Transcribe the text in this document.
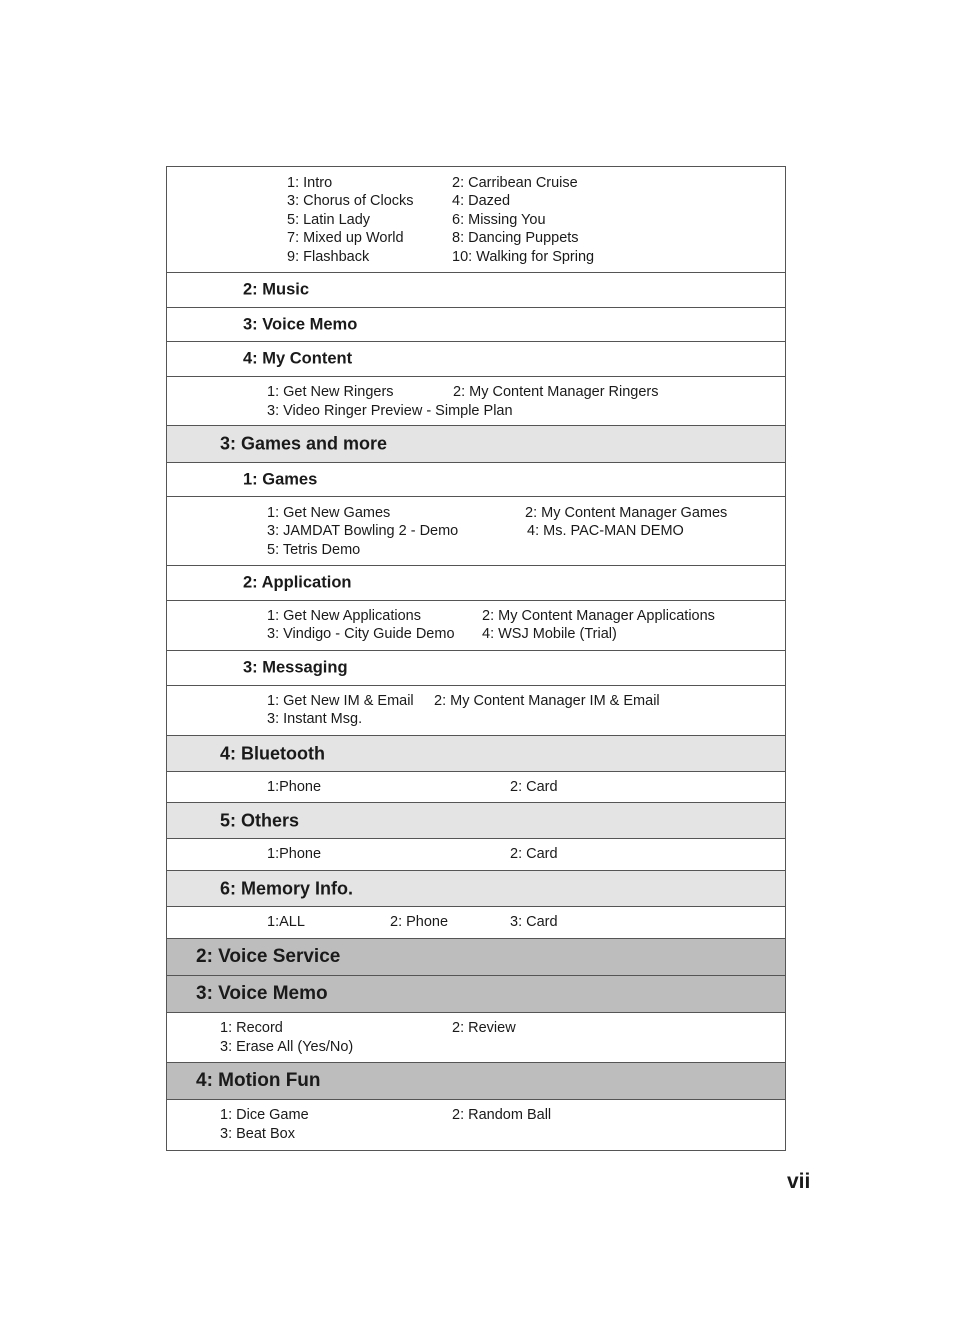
1: Intro	2: Carribean Cruise
3: Chorus of Clocks	4: Dazed
5: Latin Lady	6: Missing You
7: Mixed up World	8: Dancing Puppets
9: Flashback	10: Walking for Spring
2: Music
3: Voice Memo
4: My Content
1: Get New Ringers	2: My Content Manager Ringers
3: Video Ringer Preview - Simple Plan
3: Games and more
1: Games
1: Get New Games	2: My Content Manager Games
3: JAMDAT Bowling 2 - Demo	4: Ms. PAC-MAN DEMO
5: Tetris Demo
2: Application
1: Get New Applications	2: My Content Manager Applications
3: Vindigo - City Guide Demo 4: WSJ Mobile (Trial)
3: Messaging
1: Get New IM & Email 2: My Content Manager IM & Email
3: Instant Msg.
4: Bluetooth
1:Phone	2: Card
5: Others
1:Phone	2: Card
6: Memory Info.
1:ALL	2: Phone	3: Card
2: Voice Service
3: Voice Memo
1: Record	2: Review
3: Erase All (Yes/No)
4: Motion Fun
1: Dice Game	2: Random Ball
3: Beat Box
vii
